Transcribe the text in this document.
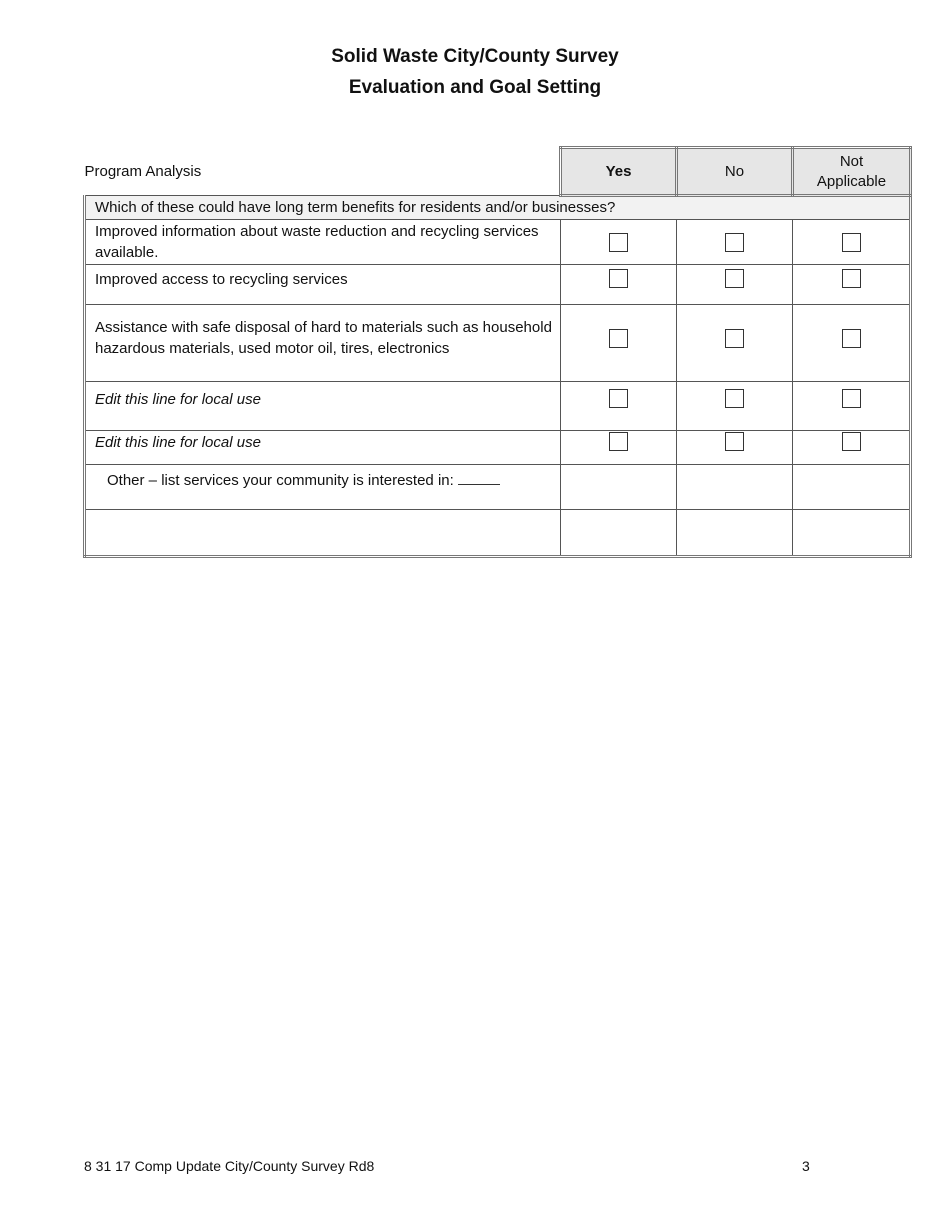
Solid Waste City/County Survey
Evaluation and Goal Setting
Program Analysis	Yes	No	Not Applicable
Which of these could have long term benefits for residents and/or businesses?			
Improved information about waste reduction and recycling services available.			
Improved access to recycling services			
Assistance with safe disposal of hard to materials such as household hazardous materials, used motor oil, tires, electronics			
Edit this line for local use			
Edit this line for local use			
Other – list services your community is interested in:			

8 31 17 Comp Update City/County Survey Rd8	3
